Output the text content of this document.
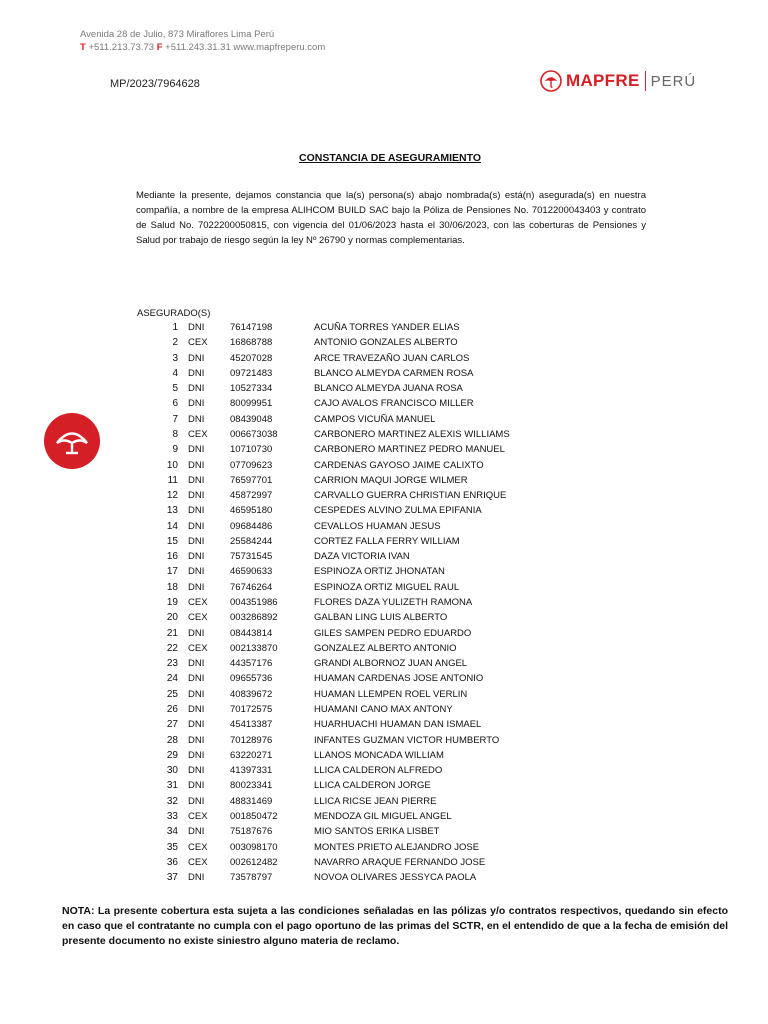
Avenida 28 de Julio, 873 Miraflores Lima Perú
T +511.213.73.73 F +511.243.31.31 www.mapfreperu.com
MP/2023/7964628	MAPFRE PERÚ
CONSTANCIA DE ASEGURAMIENTO
Mediante la presente, dejamos constancia que la(s) persona(s) abajo nombrada(s) está(n) asegurada(s) en nuestra compañía, a nombre de la empresa ALIHCOM BUILD SAC bajo la Póliza de Pensiones No. 7012200043403 y contrato de Salud No. 7022200050815, con vigencia del 01/06/2023 hasta el 30/06/2023, con las coberturas de Pensiones y Salud por trabajo de riesgo según la ley Nº 26790 y normas complementarias.
ASEGURADO(S)
1 DNI	76147198	ACUÑA TORRES YANDER ELIAS
2 CEX 16868788	ANTONIO GONZALES ALBERTO
3 DNI	45207028	ARCE TRAVEZAÑO JUAN CARLOS
4 DNI	09721483	BLANCO ALMEYDA CARMEN ROSA
5 DNI	10527334	BLANCO ALMEYDA JUANA ROSA
6 DNI	80099951	CAJO AVALOS FRANCISCO MILLER
7 DNI	08439048	CAMPOS VICUÑA MANUEL
8 CEX 006673038	CARBONERO MARTINEZ ALEXIS WILLIAMS
9 DNI	10710730	CARBONERO MARTINEZ PEDRO MANUEL
10 DNI	07709623	CARDENAS GAYOSO JAIME CALIXTO
11 DNI	76597701	CARRION MAQUI JORGE WILMER
12 DNI	45872997	CARVALLO GUERRA CHRISTIAN ENRIQUE
13 DNI	46595180	CESPEDES ALVINO ZULMA EPIFANIA
14 DNI	09684486	CEVALLOS HUAMAN JESUS
15 DNI	25584244	CORTEZ FALLA FERRY WILLIAM
16 DNI	75731545	DAZA VICTORIA IVAN
17 DNI	46590633	ESPINOZA ORTIZ JHONATAN
18 DNI	76746264	ESPINOZA ORTIZ MIGUEL RAUL
19 CEX 004351986	FLORES DAZA YULIZETH RAMONA
20 CEX 003286892	GALBAN LING LUIS ALBERTO
21 DNI	08443814	GILES SAMPEN PEDRO EDUARDO
22 CEX 002133870	GONZALEZ ALBERTO ANTONIO
23 DNI	44357176	GRANDI ALBORNOZ JUAN ANGEL
24 DNI	09655736	HUAMAN CARDENAS JOSE ANTONIO
25 DNI	40839672	HUAMAN LLEMPEN ROEL VERLIN
26 DNI	70172575	HUAMANI CANO MAX ANTONY
27 DNI	45413387	HUARHUACHI HUAMAN DAN ISMAEL
28 DNI	70128976	INFANTES GUZMAN VICTOR HUMBERTO
29 DNI	63220271	LLANOS MONCADA WILLIAM
30 DNI	41397331	LLICA CALDERON ALFREDO
31 DNI	80023341	LLICA CALDERON JORGE
32 DNI	48831469	LLICA RICSE JEAN PIERRE
33 CEX 001850472	MENDOZA GIL MIGUEL ANGEL
34 DNI	75187676	MIO SANTOS ERIKA LISBET
35 CEX 003098170	MONTES PRIETO ALEJANDRO JOSE
36 CEX 002612482	NAVARRO ARAQUE FERNANDO JOSE
37 DNI	73578797	NOVOA OLIVARES JESSYCA PAOLA
NOTA: La presente cobertura esta sujeta a las condiciones señaladas en las pólizas y/o contratos respectivos, quedando sin efecto en caso que el contratante no cumpla con el pago oportuno de las primas del SCTR, en el entendido de que a la fecha de emisión del presente documento no existe siniestro alguno materia de reclamo.
